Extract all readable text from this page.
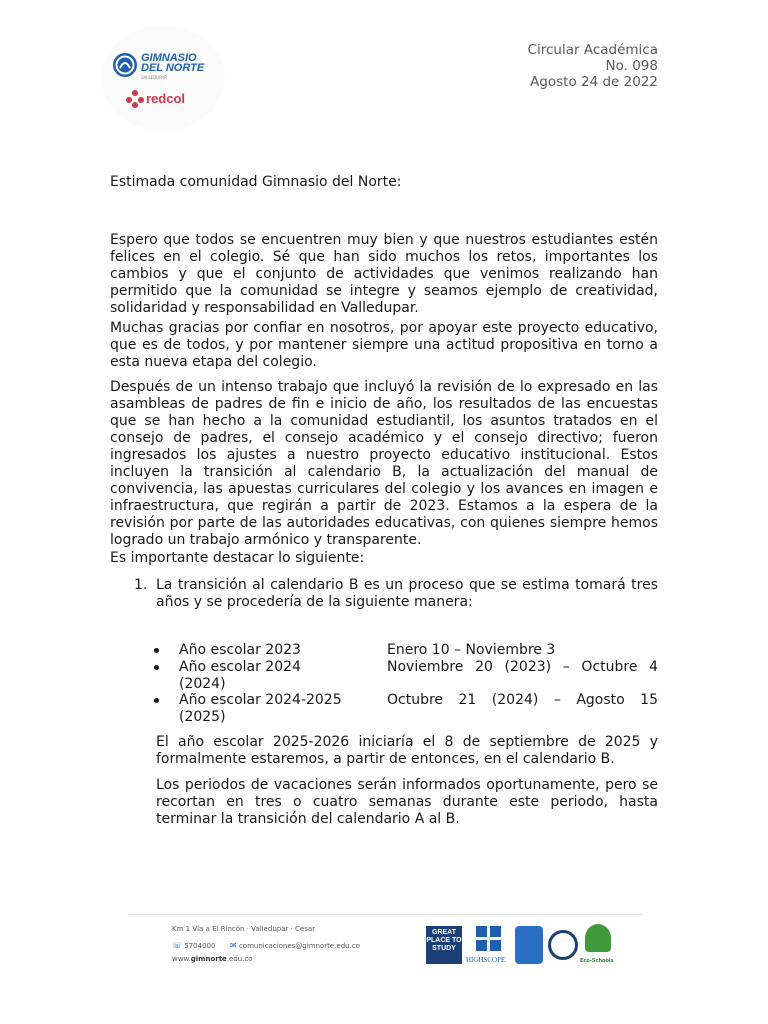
GIMNASIO
DEL NORTE
VALLEDUPAR
redcol
Circular Académica
No. 098
Agosto 24 de 2022
Estimada comunidad Gimnasio del Norte:
Espero que todos se encuentren muy bien y que nuestros estudiantes estén felices en el colegio. Sé que han sido muchos los retos, importantes los cambios y que el conjunto de actividades que venimos realizando han permitido que la comunidad se integre y seamos ejemplo de creatividad, solidaridad y responsabilidad en Valledupar.
Muchas gracias por confiar en nosotros, por apoyar este proyecto educativo, que es de todos, y por mantener siempre una actitud propositiva en torno a esta nueva etapa del colegio.
Después de un intenso trabajo que incluyó la revisión de lo expresado en las asambleas de padres de fin e inicio de año, los resultados de las encuestas que se han hecho a la comunidad estudiantil, los asuntos tratados en el consejo de padres, el consejo académico y el consejo directivo; fueron ingresados los ajustes a nuestro proyecto educativo institucional. Estos incluyen la transición al calendario B, la actualización del manual de convivencia, las apuestas curriculares del colegio y los avances en imagen e infraestructura, que regirán a partir de 2023. Estamos a la espera de la revisión por parte de las autoridades educativas, con quienes siempre hemos logrado un trabajo armónico y transparente.
Es importante destacar lo siguiente:
1. La transición al calendario B es un proceso que se estima tomará tres años y se procedería de la siguiente manera:
Año escolar 2023	Enero 10 – Noviembre 3
Año escolar 2024 (2024)
Noviembre 20 (2023) – Octubre 4
Año escolar 2024-2025 (2025)
Octubre 21 (2024) – Agosto 15
El año escolar 2025-2026 iniciaría el 8 de septiembre de 2025 y formalmente estaremos, a partir de entonces, en el calendario B.
Los periodos de vacaciones serán informados oportunamente, pero se recortan en tres o cuatro semanas durante este periodo, hasta terminar la transición del calendario A al B.
Km 1 Vía a El Rincón · Valledupar · Cesar
☏ 5704000 ✉ comunicaciones@gimnorte.edu.co
www.gimnorte.edu.co
GREAT PLACE TO STUDY
HIGHSCOPE	Eco-Schools
